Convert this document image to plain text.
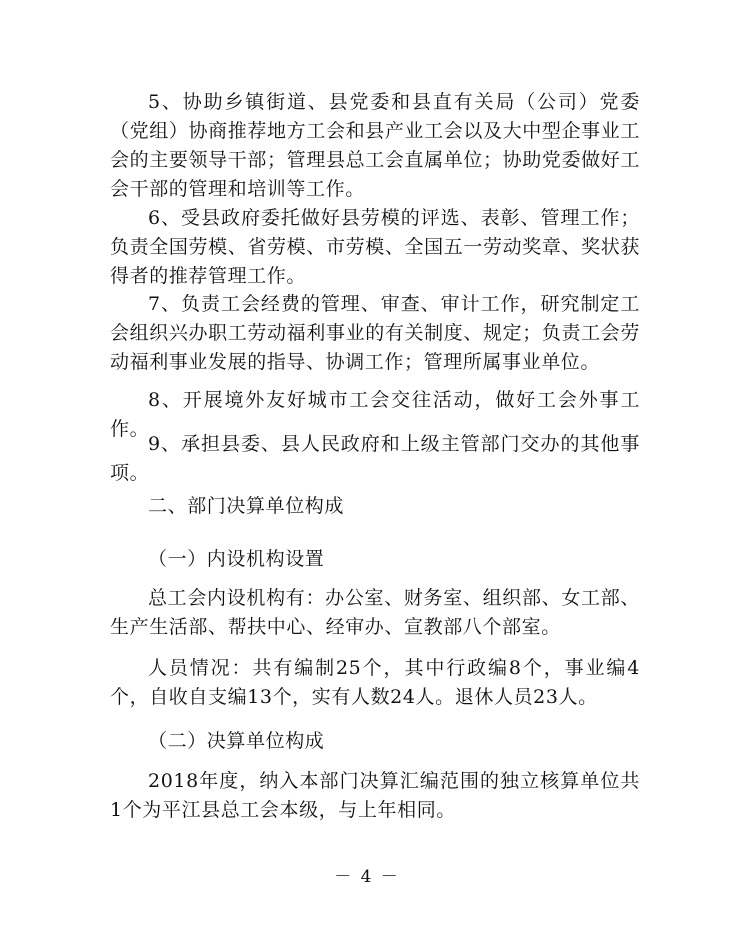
5、协助乡镇街道、县党委和县直有关局（公司）党委（党组）协商推荐地方工会和县产业工会以及大中型企事业工会的主要领导干部；管理县总工会直属单位；协助党委做好工会干部的管理和培训等工作。

6、受县政府委托做好县劳模的评选、表彰、管理工作；负责全国劳模、省劳模、市劳模、全国五一劳动奖章、奖状获得者的推荐管理工作。

7、负责工会经费的管理、审查、审计工作，研究制定工会组织兴办职工劳动福利事业的有关制度、规定；负责工会劳动福利事业发展的指导、协调工作；管理所属事业单位。

8、开展境外友好城市工会交往活动，做好工会外事工作。

9、承担县委、县人民政府和上级主管部门交办的其他事项。

二、部门决算单位构成

（一）内设机构设置

总工会内设机构有：办公室、财务室、组织部、女工部、生产生活部、帮扶中心、经审办、宣教部八个部室。

人员情况：共有编制25个，其中行政编8个，事业编4个，自收自支编13个，实有人数24人。退休人员23人。

（二）决算单位构成

2018年度，纳入本部门决算汇编范围的独立核算单位共1个为平江县总工会本级，与上年相同。

－ 4 －
